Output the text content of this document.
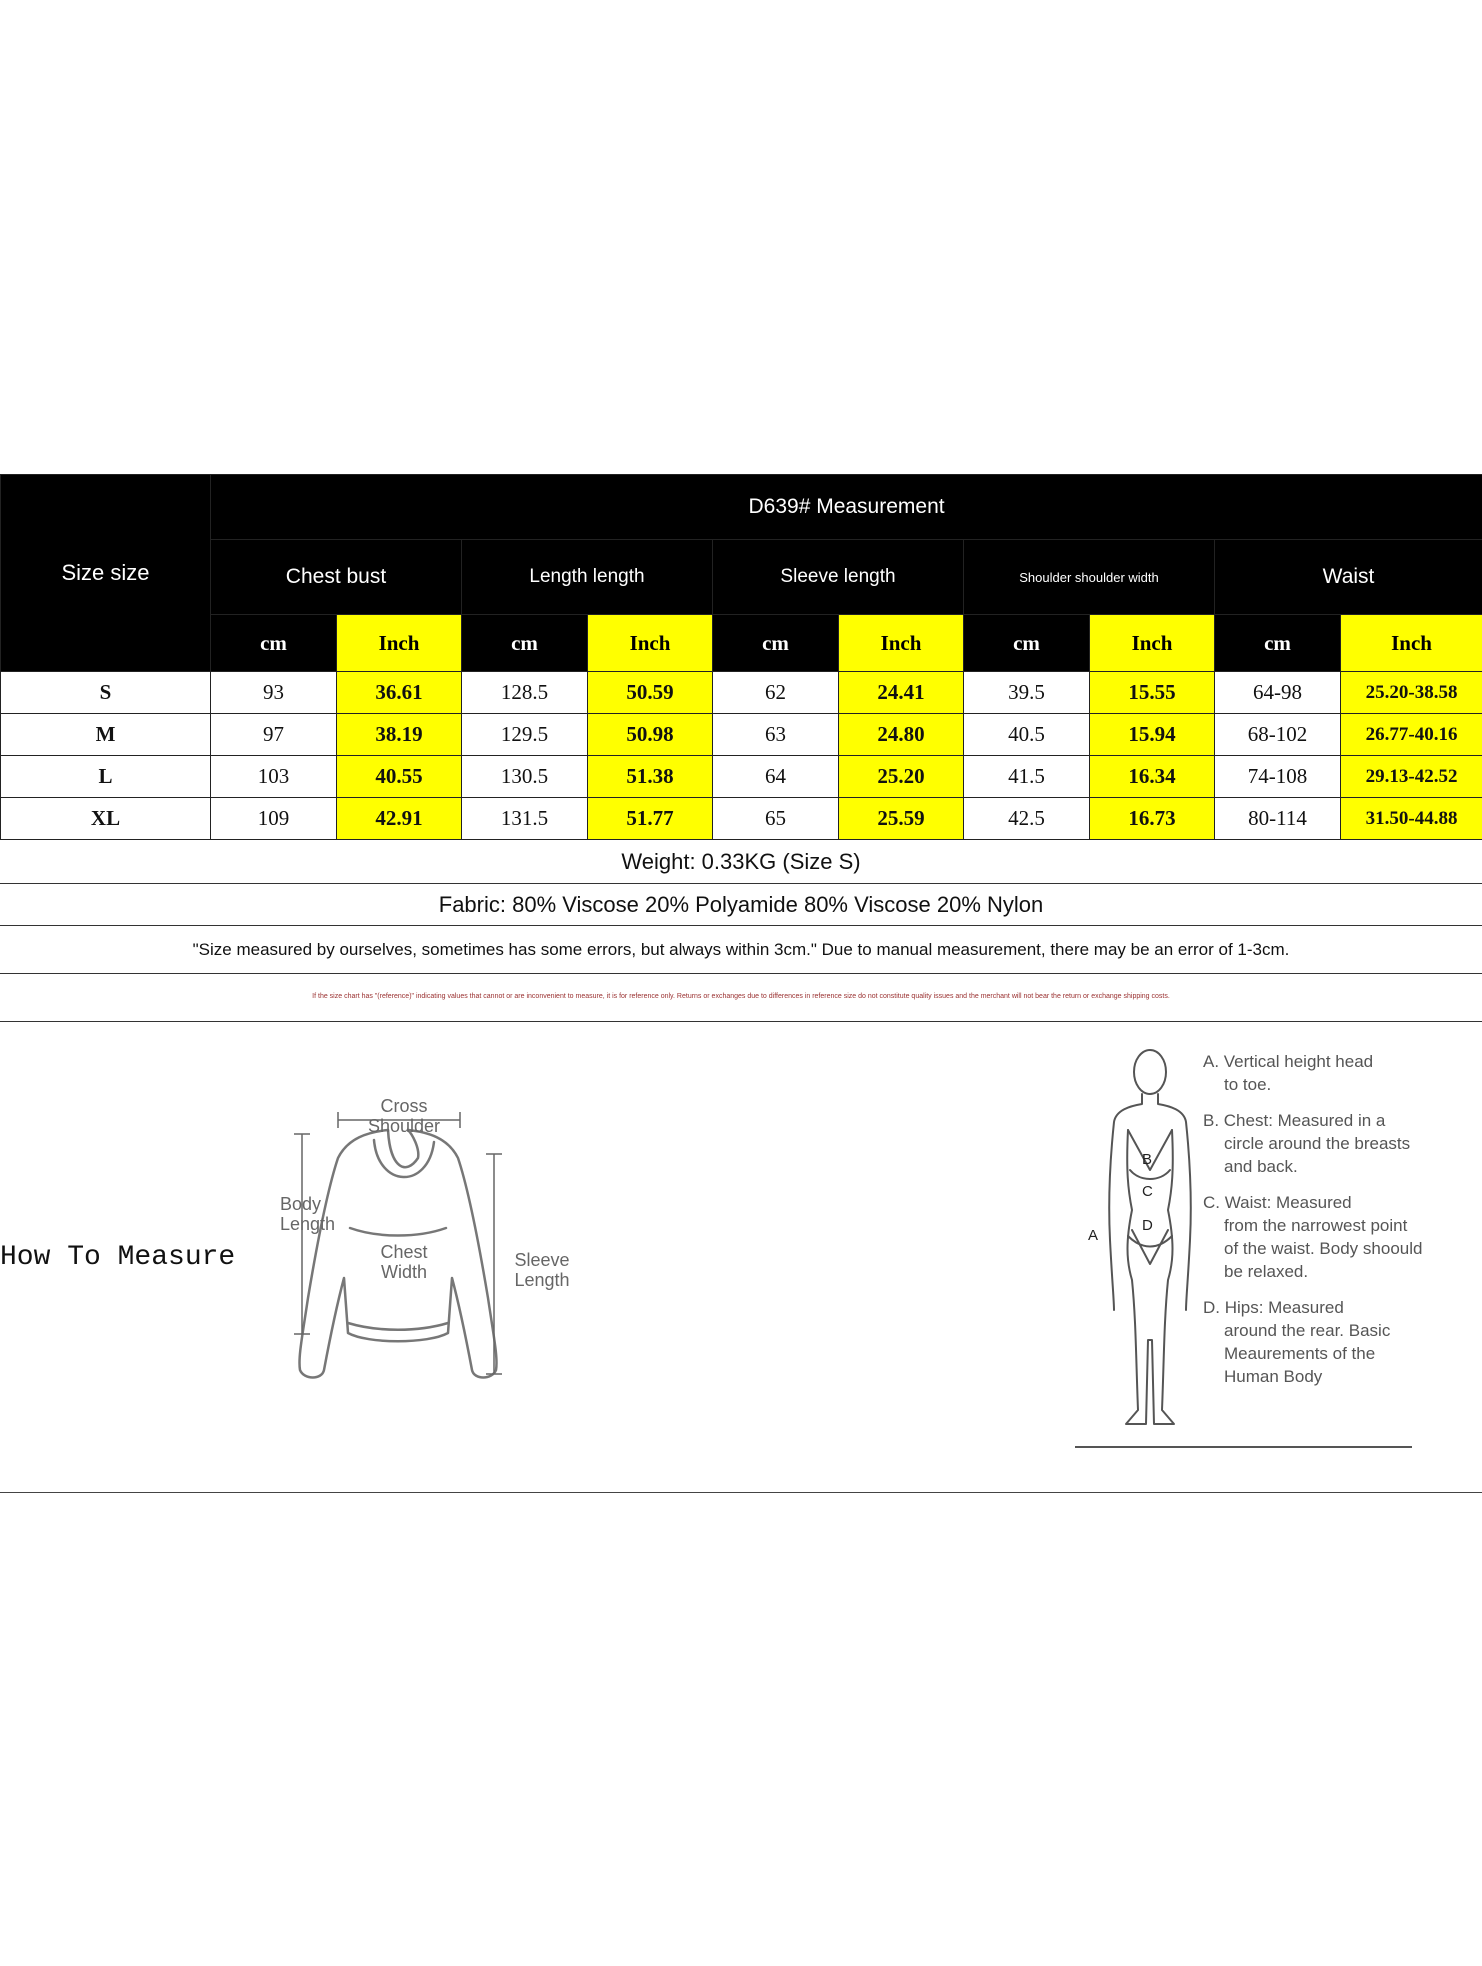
Size size	D639# Measurement									
	Chest bust		Length length		Sleeve length		Shoulder shoulder width		Waist	
	cm	Inch	cm	Inch	cm	Inch	cm	Inch	cm	Inch
S	93	36.61	128.5	50.59	62	24.41	39.5	15.55	64-98	25.20-38.58
M	97	38.19	129.5	50.98	63	24.80	40.5	15.94	68-102	26.77-40.16
L	103	40.55	130.5	51.38	64	25.20	41.5	16.34	74-108	29.13-42.52
XL	109	42.91	131.5	51.77	65	25.59	42.5	16.73	80-114	31.50-44.88
Weight: 0.33KG (Size S)
Fabric: 80% Viscose 20% Polyamide 80% Viscose 20% Nylon
"Size measured by ourselves, sometimes has some errors, but always within 3cm." Due to manual measurement, there may be an error of 1-3cm.
If the size chart has "(reference)" indicating values that cannot or are inconvenient to measure, it is for reference only. Returns or exchanges due to differences in reference size do not constitute quality issues and the merchant will not bear the return or exchange shipping costs.
How To Measure
Cross
Shoulder
Body
Length
Chest
Width
Sleeve
Length
B
C
D
A
A. Vertical height head
to toe.
B. Chest: Measured in a
circle around the breasts and back.
C. Waist: Measured
from the narrowest point of the waist. Body shoould be relaxed.
D. Hips: Measured
around the rear. Basic Meaurements of the Human Body
